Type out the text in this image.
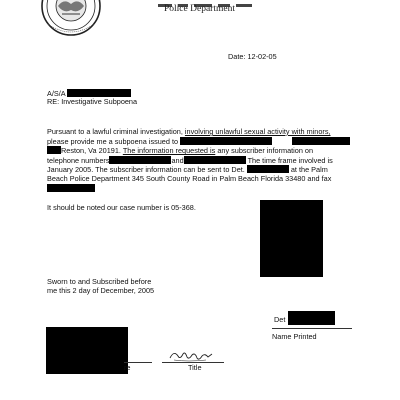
Police Department
Date: 12-02-05
A/S/A
RE: Investigative Subpoena
Pursuant to a lawful criminal investigation, involving unlawful sexual activity with minors,
please provide me a subpoena issued to
Reston, Va 20191. The information requested is any subscriber information on
telephone numbers	and	The time frame involved is
January 2005. The subscriber information can be sent to Det.	at the Palm
Beach Police Department 345 South County Road in Palm Beach Florida 33480 and fax
It should be noted our case number is 05-368.
Sworn to and Subscribed before
me this 2 day of December, 2005
Det
Name Printed
re	Title
